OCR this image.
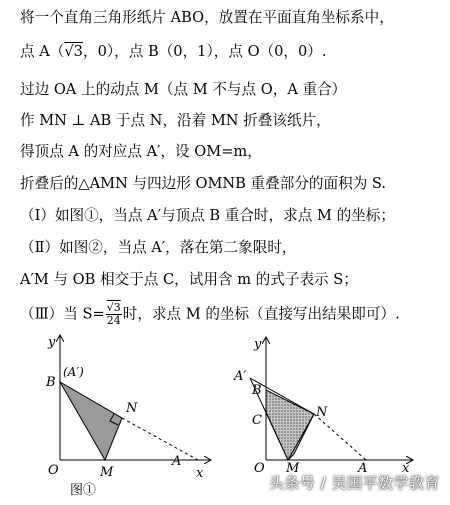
将一个直角三角形纸片 ABO，放置在平面直角坐标系中，
点 A（√3，0），点 B（0，1），点 O（0，0）.
过边 OA 上的动点 M（点 M 不与点 O，A 重合）
作 MN ⊥ AB 于点 N，沿着 MN 折叠该纸片，
得顶点 A 的对应点 A′，设 OM=m，
折叠后的△AMN 与四边形 OMNB 重叠部分的面积为 S.
（Ⅰ）如图①，当点 A′与顶点 B 重合时，求点 M 的坐标；
（Ⅱ）如图②，当点 A′，落在第二象限时，
A′M 与 OB 相交于点 C，试用含 m 的式子表示 S；
（Ⅲ）当 $S= \frac{√3}{24}$ 时，求点 M 的坐标（直接写出结果即可）.
y
B
(A′)
N
O	M
A
x
图①
y
A′
B
C
N
O M	A	x
头条号 / 吴国平数学教育
